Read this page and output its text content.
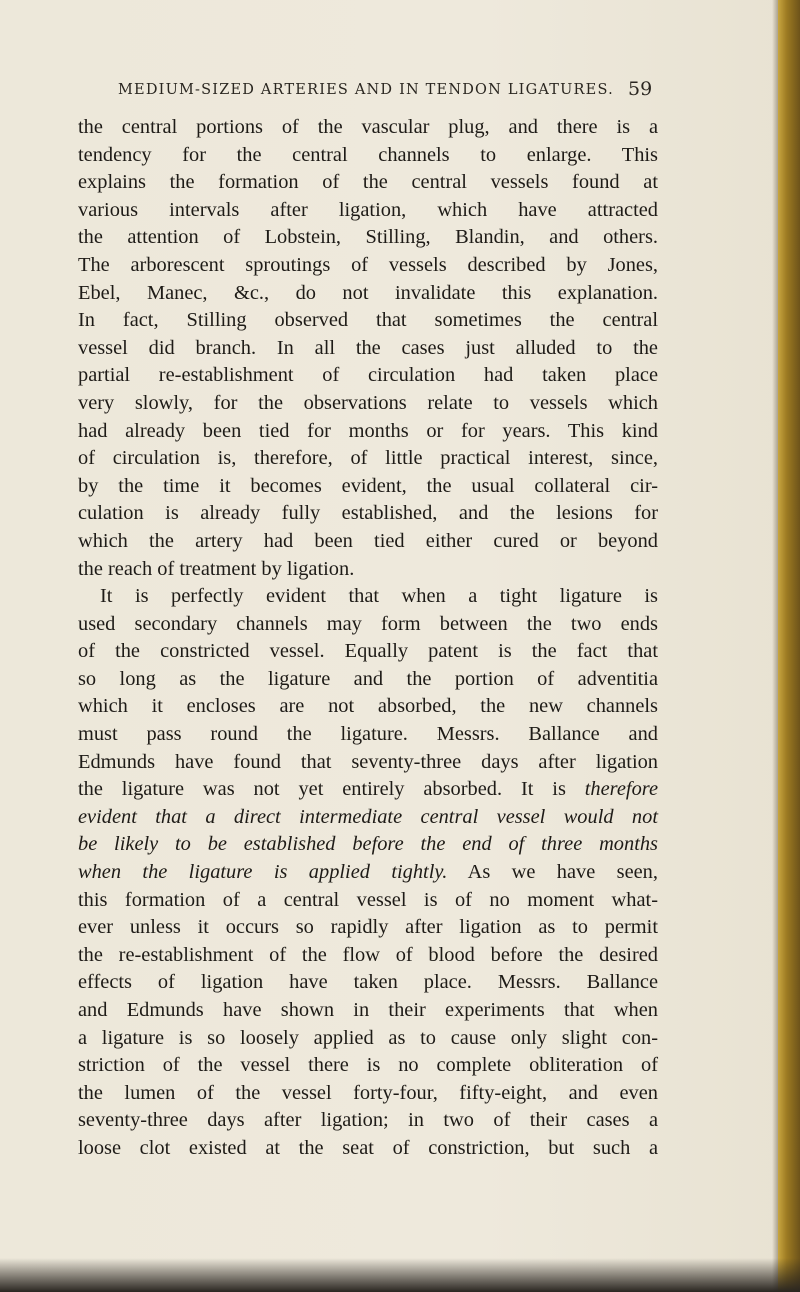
MEDIUM-SIZED ARTERIES AND IN TENDON LIGATURES. 59
the central portions of the vascular plug, and there is a
tendency for the central channels to enlarge. This
explains the formation of the central vessels found at
various intervals after ligation, which have attracted
the attention of Lobstein, Stilling, Blandin, and others.
The arborescent sproutings of vessels described by Jones,
Ebel, Manec, &c., do not invalidate this explanation.
In fact, Stilling observed that sometimes the central
vessel did branch. In all the cases just alluded to the
partial re-establishment of circulation had taken place
very slowly, for the observations relate to vessels which
had already been tied for months or for years. This kind
of circulation is, therefore, of little practical interest, since,
by the time it becomes evident, the usual collateral cir-
culation is already fully established, and the lesions for
which the artery had been tied either cured or beyond
the reach of treatment by ligation.
It is perfectly evident that when a tight ligature is
used secondary channels may form between the two ends
of the constricted vessel. Equally patent is the fact that
so long as the ligature and the portion of adventitia
which it encloses are not absorbed, the new channels
must pass round the ligature. Messrs. Ballance and
Edmunds have found that seventy-three days after ligation
the ligature was not yet entirely absorbed. It is therefore
evident that a direct intermediate central vessel would not
be likely to be established before the end of three months
when the ligature is applied tightly. As we have seen,
this formation of a central vessel is of no moment what-
ever unless it occurs so rapidly after ligation as to permit
the re-establishment of the flow of blood before the desired
effects of ligation have taken place. Messrs. Ballance
and Edmunds have shown in their experiments that when
a ligature is so loosely applied as to cause only slight con-
striction of the vessel there is no complete obliteration of
the lumen of the vessel forty-four, fifty-eight, and even
seventy-three days after ligation; in two of their cases a
loose clot existed at the seat of constriction, but such a
